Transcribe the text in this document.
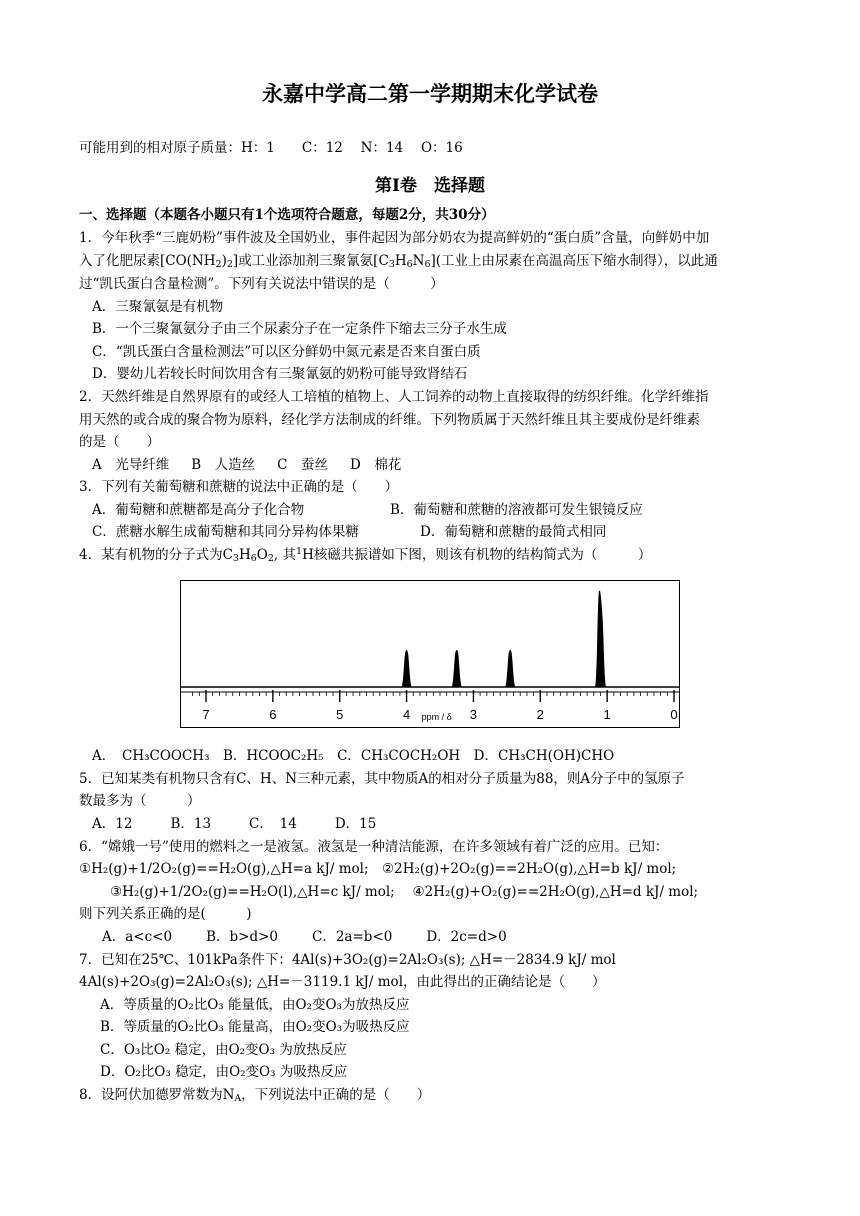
永嘉中学高二第一学期期末化学试卷
可能用到的相对原子质量：H：1　　C：12　 N：14　 O：16
第Ⅰ卷　选择题
一、选择题（本题各小题只有1个选项符合题意，每题2分，共30分）
1．今年秋季“三鹿奶粉”事件波及全国奶业，事件起因为部分奶农为提高鲜奶的“蛋白质”含量，向鲜奶中加
入了化肥尿素$[CO(NH_2)_2]$或工业添加剂三聚氰氨$[C_3H_6N_6]$(工业上由尿素在高温高压下缩水制得），以此通
过“凯氏蛋白含量检测”。下列有关说法中错误的是（　　　）
A．三聚氰氨是有机物
B．一个三聚氰氨分子由三个尿素分子在一定条件下缩去三分子水生成
C．“凯氏蛋白含量检测法”可以区分鲜奶中氮元素是否来自蛋白质
D．婴幼儿若较长时间饮用含有三聚氰氨的奶粉可能导致肾结石
2．天然纤维是自然界原有的或经人工培植的植物上、人工饲养的动物上直接取得的纺织纤维。化学纤维指
用天然的或合成的聚合物为原料，经化学方法制成的纤维。下列物质属于天然纤维且其主要成份是纤维素
的是（　　）
A　光导纤维 B　人造丝 C　蚕丝 D　棉花
3．下列有关葡萄糖和蔗糖的说法中正确的是（　　）
A．葡萄糖和蔗糖都是高分子化合物	B．葡萄糖和蔗糖的溶液都可发生银镜反应
C．蔗糖水解生成葡萄糖和其同分异构体果糖	D．葡萄糖和蔗糖的最简式相同
4．某有机物的分子式为$C_3H_6O_2$, 其$^1$H核磁共振谱如下图，则该有机物的结构简式为（　　　）
7	6	5	4	3	2	1	0
ppm / δ
A．　CH₃COOCH₃　B．HCOOC₂H₅　C．CH₃COCH₂OH　D．CH₃CH(OH)CHO
5．已知某类有机物只含有C、H、N三种元素，其中物质A的相对分子质量为88，则A分子中的氢原子
数最多为（　　　）
A．12	B．13	C．　14	D．15
6．“嫦娥一号”使用的燃料之一是液氢。液氢是一种清洁能源，在许多领域有着广泛的应用。已知：
①H₂(g)+1/2O₂(g)==H₂O(g),△H=a kJ/ mol;　②2H₂(g)+2O₂(g)==2H₂O(g),△H=b kJ/ mol;
③H₂(g)+1/2O₂(g)==H₂O(l),△H=c kJ/ mol;　 ④2H₂(g)+O₂(g)==2H₂O(g),△H=d kJ/ mol;
则下列关系正确的是(　　　)
A．a<c<0	B．b>d>0	C．2a=b<0	D．2c=d>0
7．已知在25℃、101kPa条件下：4Al(s)+3O₂(g)=2Al₂O₃(s); △H=－2834.9 kJ/ mol
4Al(s)+2O₃(g)=2Al₂O₃(s); △H=－3119.1 kJ/ mol，由此得出的正确结论是（　　）
A．等质量的O₂比O₃ 能量低，由O₂变O₃为放热反应
B．等质量的O₂比O₃ 能量高，由O₂变O₃为吸热反应
C．O₃比O₂ 稳定，由O₂变O₃ 为放热反应
D．O₂比O₃ 稳定，由O₂变O₃ 为吸热反应
8．设阿伏加德罗常数为$N_A$，下列说法中正确的是（　　）
